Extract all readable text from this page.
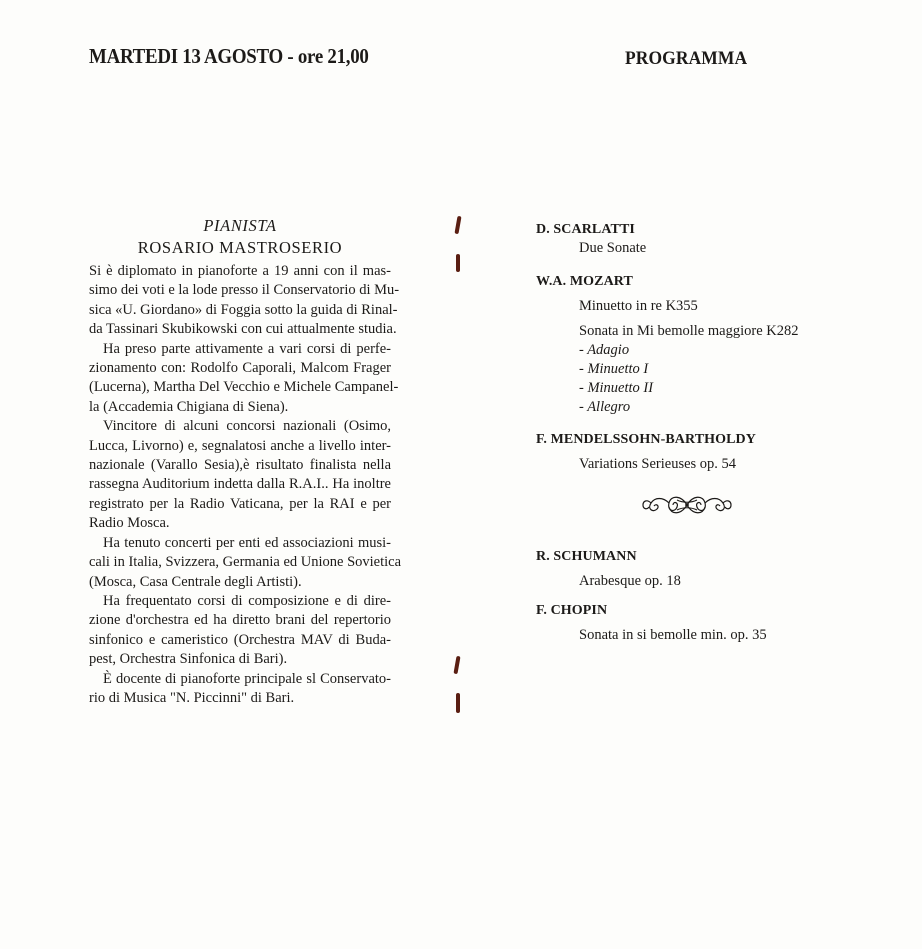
MARTEDI 13 AGOSTO - ore 21,00	PROGRAMMA

PIANISTA

ROSARIO MASTROSERIO

Si è diplomato in pianoforte a 19 anni con il mas-
simo dei voti e la lode presso il Conservatorio di Mu-
sica «U. Giordano» di Foggia sotto la guida di Rinal-
da Tassinari Skubikowski con cui attualmente studia.
Ha preso parte attivamente a vari corsi di perfe-
zionamento con: Rodolfo Caporali, Malcom Frager
(Lucerna), Martha Del Vecchio e Michele Campanel-
la (Accademia Chigiana di Siena).
Vincitore di alcuni concorsi nazionali (Osimo,
Lucca, Livorno) e, segnalatosi anche a livello inter-
nazionale (Varallo Sesia),è risultato finalista nella
rassegna Auditorium indetta dalla R.A.I.. Ha inoltre
registrato per la Radio Vaticana, per la RAI e per
Radio Mosca.
Ha tenuto concerti per enti ed associazioni musi-
cali in Italia, Svizzera, Germania ed Unione Sovietica
(Mosca, Casa Centrale degli Artisti).
Ha frequentato corsi di composizione e di dire-
zione d'orchestra ed ha diretto brani del repertorio
sinfonico e cameristico (Orchestra MAV di Buda-
pest, Orchestra Sinfonica di Bari).
È docente di pianoforte principale sl Conservato-
rio di Musica "N. Piccinni" di Bari.

D. SCARLATTI

Due Sonate

W.A. MOZART

Minuetto in re K355

Sonata in Mi bemolle maggiore K282

- Adagio

- Minuetto I

- Minuetto II

- Allegro

F. MENDELSSOHN-BARTHOLDY

Variations Serieuses op. 54

R. SCHUMANN

Arabesque op. 18

F. CHOPIN

Sonata in si bemolle min. op. 35
